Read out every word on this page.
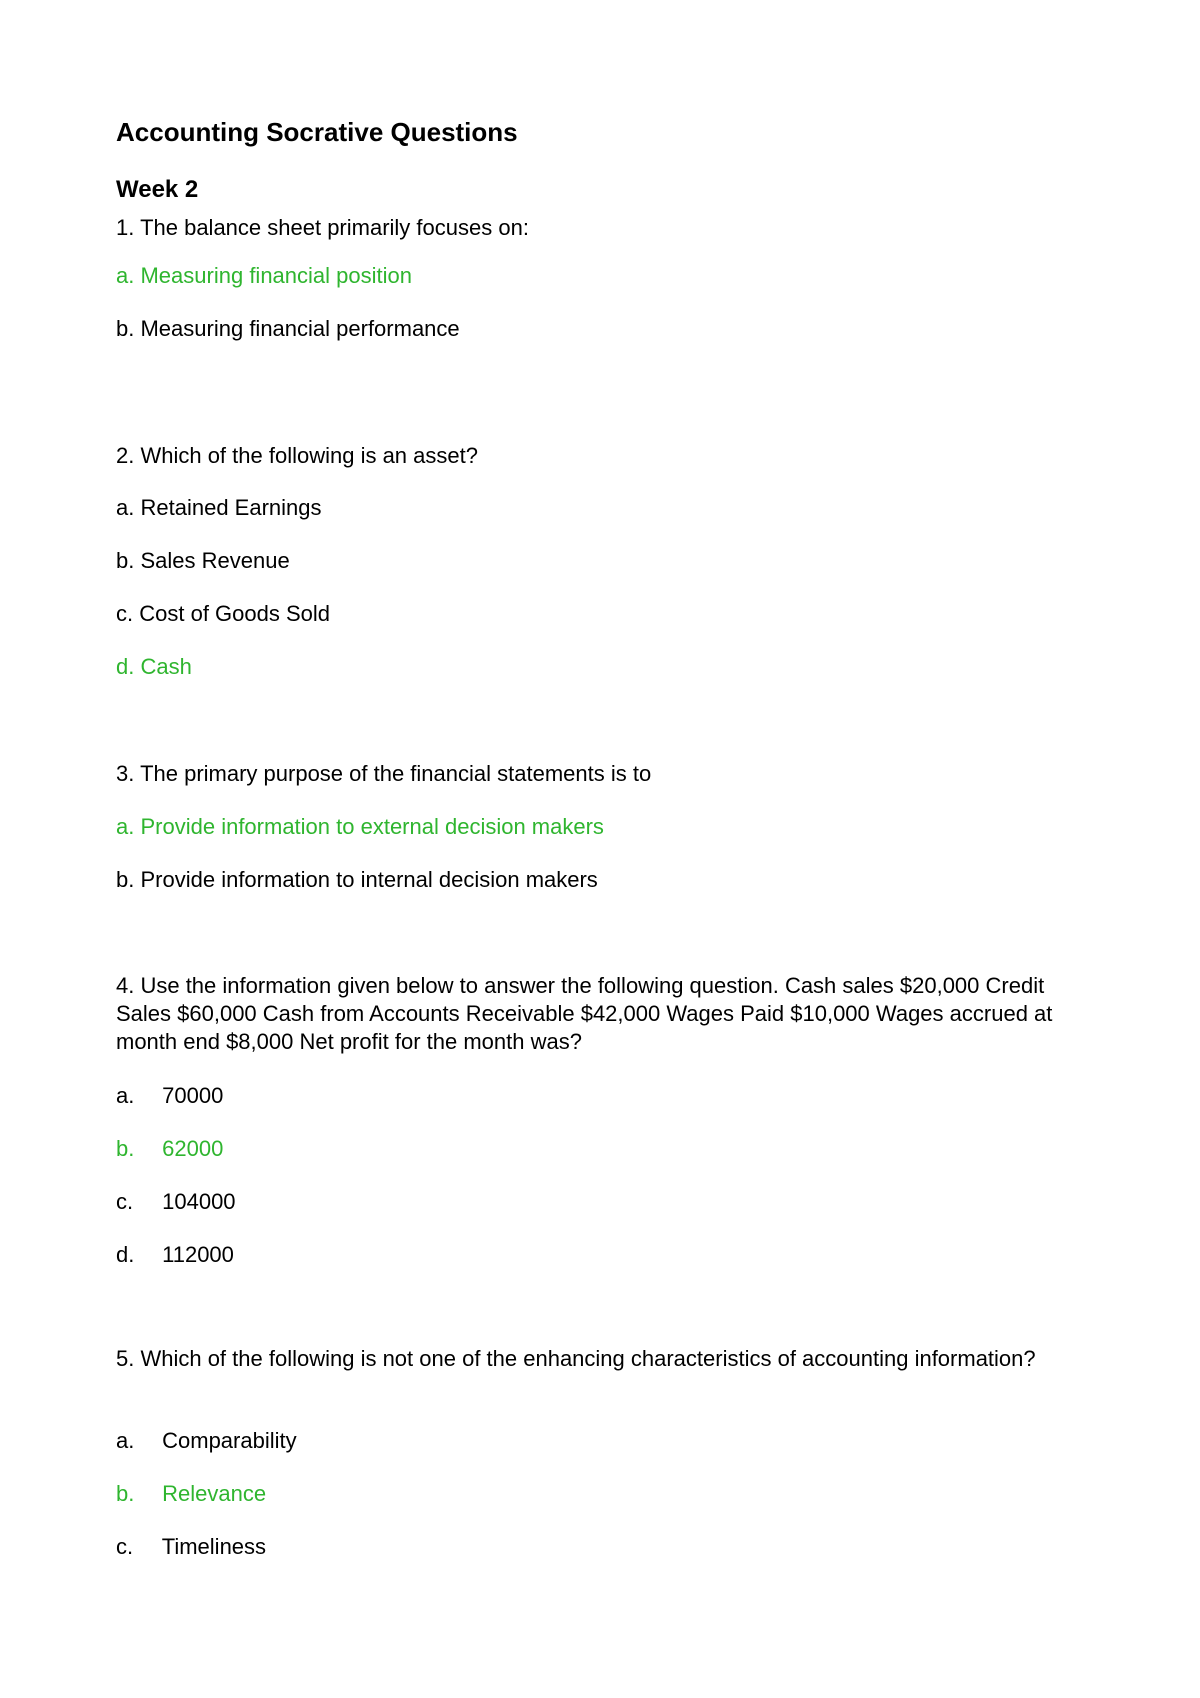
Accounting Socrative Questions
Week 2
1. The balance sheet primarily focuses on:
a. Measuring financial position
b. Measuring financial performance
2. Which of the following is an asset?
a. Retained Earnings
b. Sales Revenue
c. Cost of Goods Sold
d. Cash
3. The primary purpose of the financial statements is to
a. Provide information to external decision makers
b. Provide information to internal decision makers
4. Use the information given below to answer the following question. Cash sales $20,000 Credit Sales $60,000 Cash from Accounts Receivable $42,000 Wages Paid $10,000 Wages accrued at month end $8,000 Net profit for the month was?
a. 70000
b. 62000
c. 104000
d. 112000
5. Which of the following is not one of the enhancing characteristics of accounting information?
a. Comparability
b. Relevance
c. Timeliness
